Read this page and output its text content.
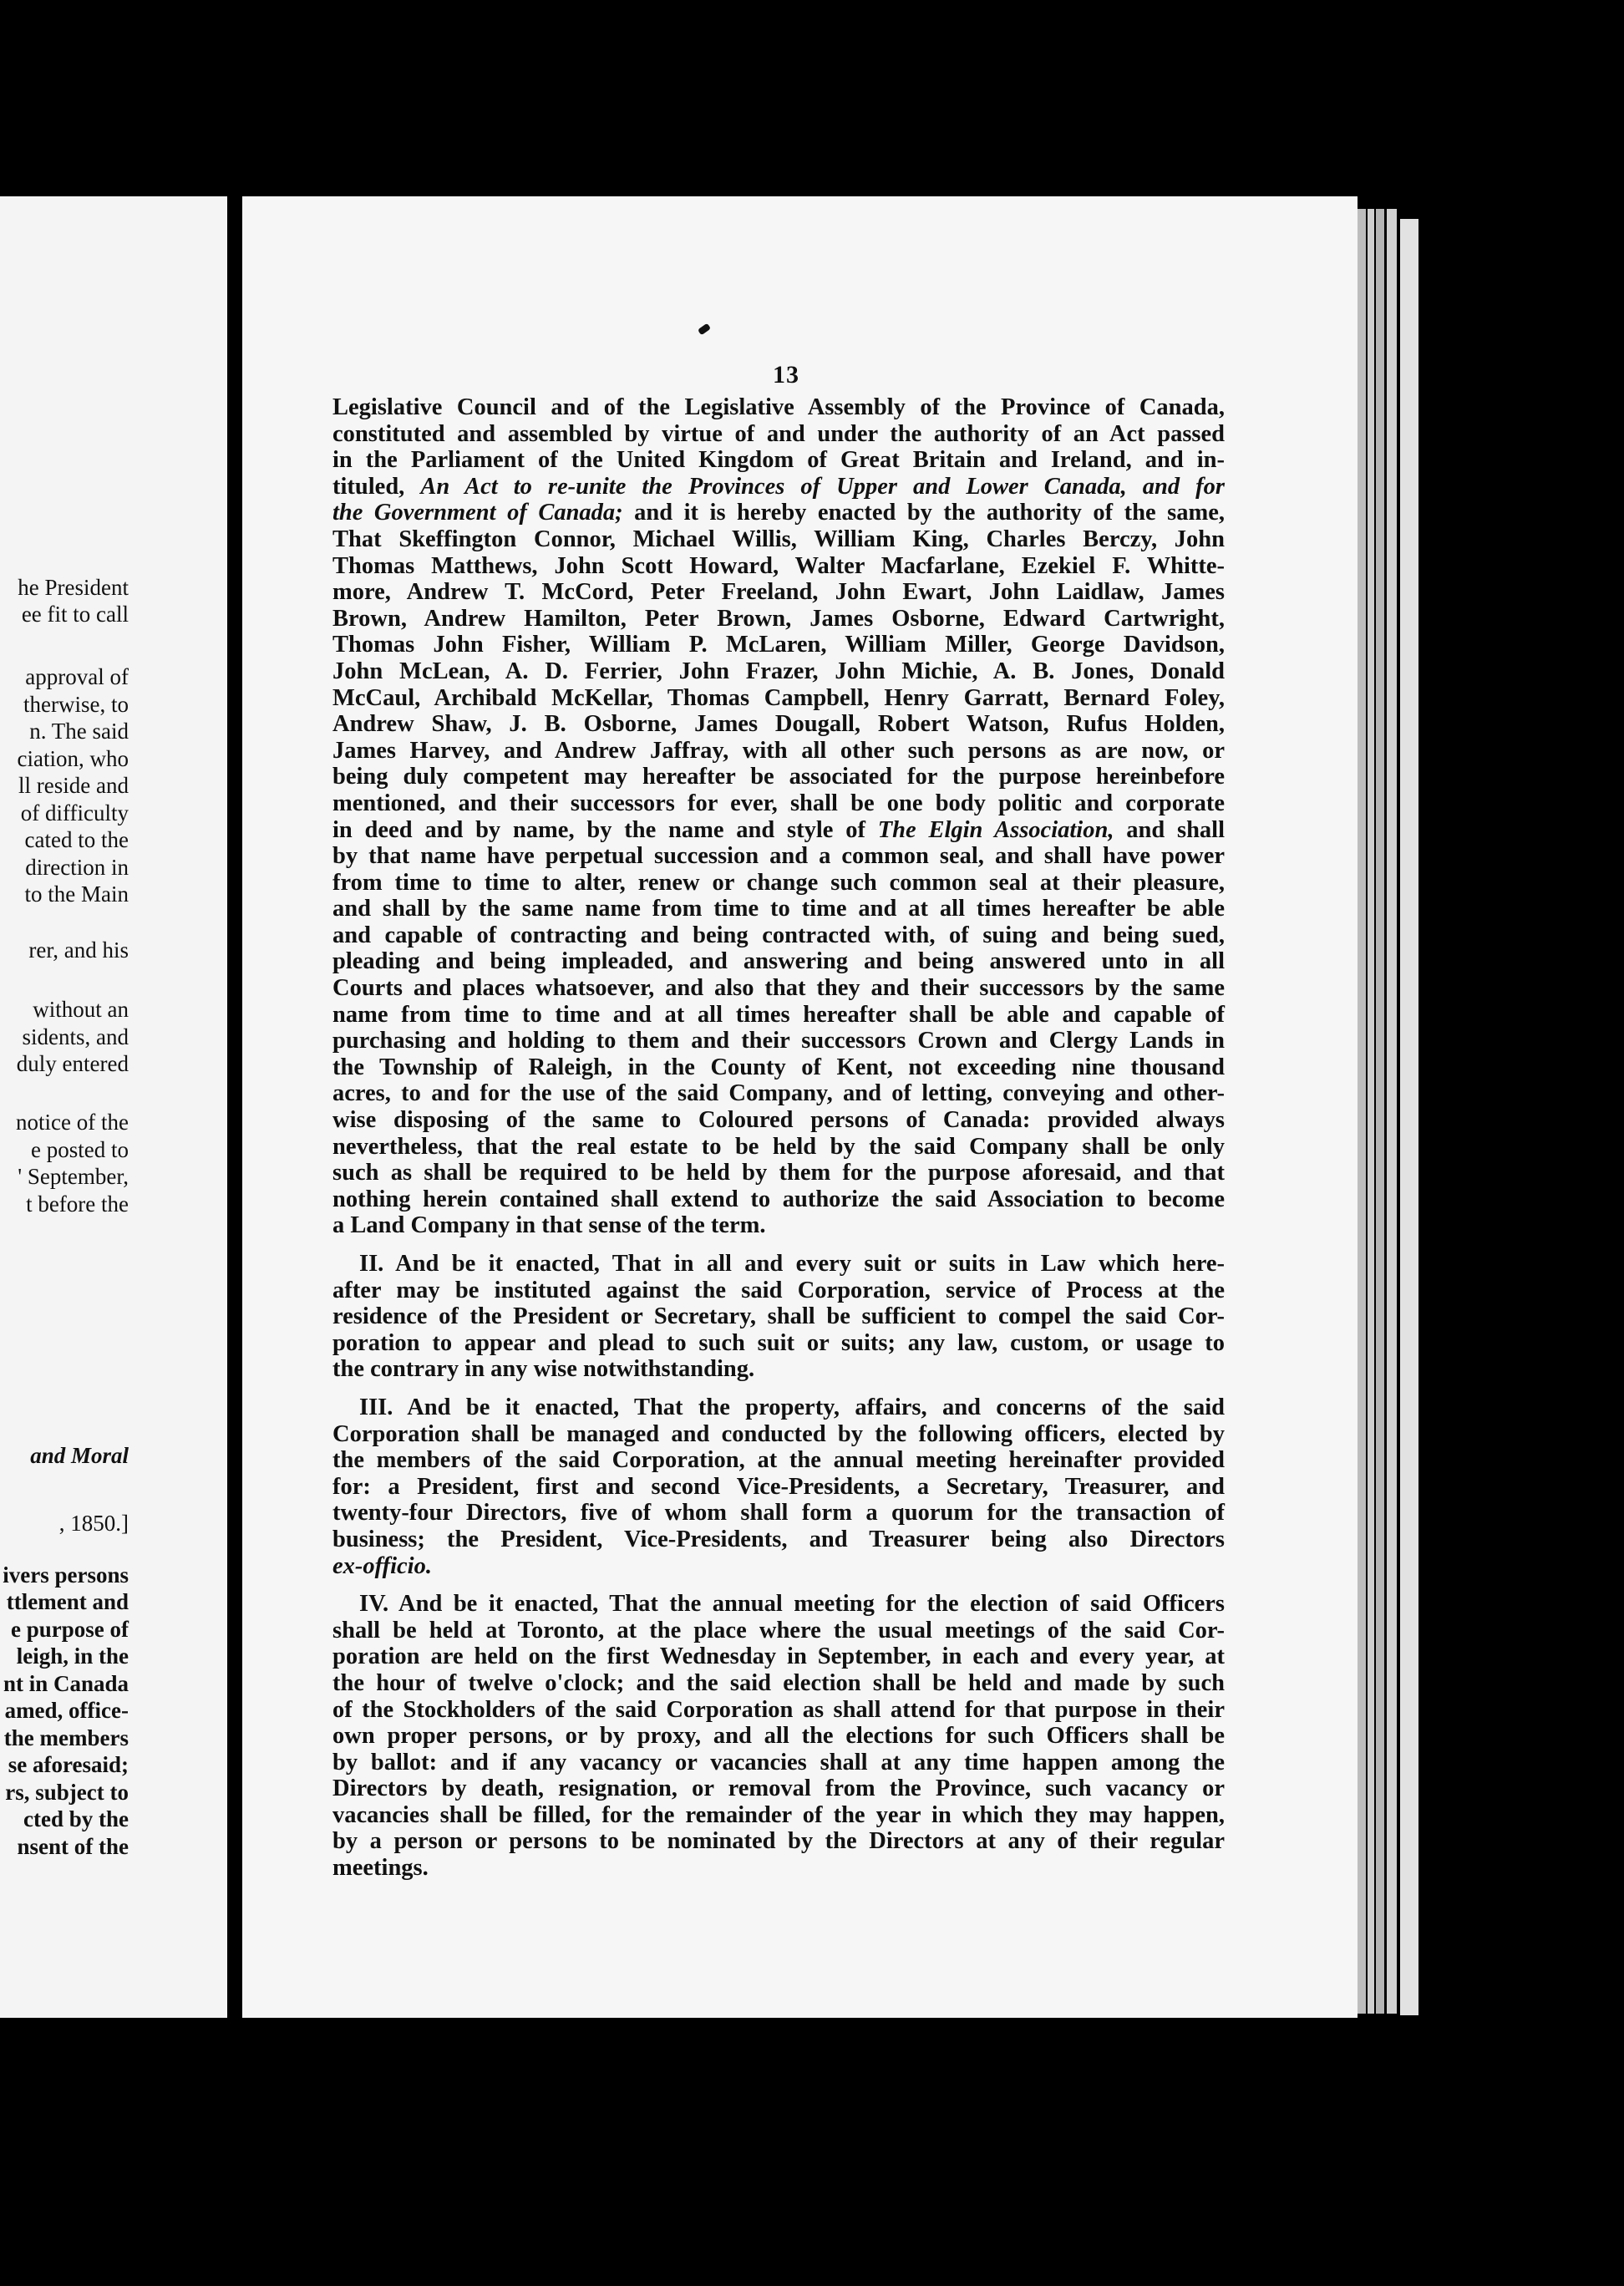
he President
ee fit to call
approval of
therwise, to
n. The said
ciation, who
ll reside and
of difficulty
cated to the
direction in
to the Main
rer, and his
without an
sidents, and
duly entered
notice of the
e posted to
' September,
t before the
and Moral
, 1850.]
ivers persons
ttlement and
e purpose of
leigh, in the
nt in Canada
amed, office-
the members
se aforesaid;
rs, subject to
cted by the
nsent of the
13
Legislative Council and of the Legislative Assembly of the Province of Canada,
constituted and assembled by virtue of and under the authority of an Act passed
in the Parliament of the United Kingdom of Great Britain and Ireland, and in-
tituled, An Act to re-unite the Provinces of Upper and Lower Canada, and for
the Government of Canada; and it is hereby enacted by the authority of the same,
That Skeffington Connor, Michael Willis, William King, Charles Berczy, John
Thomas Matthews, John Scott Howard, Walter Macfarlane, Ezekiel F. Whitte-
more, Andrew T. McCord, Peter Freeland, John Ewart, John Laidlaw, James
Brown, Andrew Hamilton, Peter Brown, James Osborne, Edward Cartwright,
Thomas John Fisher, William P. McLaren, William Miller, George Davidson,
John McLean, A. D. Ferrier, John Frazer, John Michie, A. B. Jones, Donald
McCaul, Archibald McKellar, Thomas Campbell, Henry Garratt, Bernard Foley,
Andrew Shaw, J. B. Osborne, James Dougall, Robert Watson, Rufus Holden,
James Harvey, and Andrew Jaffray, with all other such persons as are now, or
being duly competent may hereafter be associated for the purpose hereinbefore
mentioned, and their successors for ever, shall be one body politic and corporate
in deed and by name, by the name and style of The Elgin Association, and shall
by that name have perpetual succession and a common seal, and shall have power
from time to time to alter, renew or change such common seal at their pleasure,
and shall by the same name from time to time and at all times hereafter be able
and capable of contracting and being contracted with, of suing and being sued,
pleading and being impleaded, and answering and being answered unto in all
Courts and places whatsoever, and also that they and their successors by the same
name from time to time and at all times hereafter shall be able and capable of
purchasing and holding to them and their successors Crown and Clergy Lands in
the Township of Raleigh, in the County of Kent, not exceeding nine thousand
acres, to and for the use of the said Company, and of letting, conveying and other-
wise disposing of the same to Coloured persons of Canada: provided always
nevertheless, that the real estate to be held by the said Company shall be only
such as shall be required to be held by them for the purpose aforesaid, and that
nothing herein contained shall extend to authorize the said Association to become
a Land Company in that sense of the term.
II. And be it enacted, That in all and every suit or suits in Law which here-
after may be instituted against the said Corporation, service of Process at the
residence of the President or Secretary, shall be sufficient to compel the said Cor-
poration to appear and plead to such suit or suits; any law, custom, or usage to
the contrary in any wise notwithstanding.
III. And be it enacted, That the property, affairs, and concerns of the said
Corporation shall be managed and conducted by the following officers, elected by
the members of the said Corporation, at the annual meeting hereinafter provided
for: a President, first and second Vice-Presidents, a Secretary, Treasurer, and
twenty-four Directors, five of whom shall form a quorum for the transaction of
business; the President, Vice-Presidents, and Treasurer being also Directors
ex-officio.
IV. And be it enacted, That the annual meeting for the election of said Officers
shall be held at Toronto, at the place where the usual meetings of the said Cor-
poration are held on the first Wednesday in September, in each and every year, at
the hour of twelve o'clock; and the said election shall be held and made by such
of the Stockholders of the said Corporation as shall attend for that purpose in their
own proper persons, or by proxy, and all the elections for such Officers shall be
by ballot: and if any vacancy or vacancies shall at any time happen among the
Directors by death, resignation, or removal from the Province, such vacancy or
vacancies shall be filled, for the remainder of the year in which they may happen,
by a person or persons to be nominated by the Directors at any of their regular
meetings.
